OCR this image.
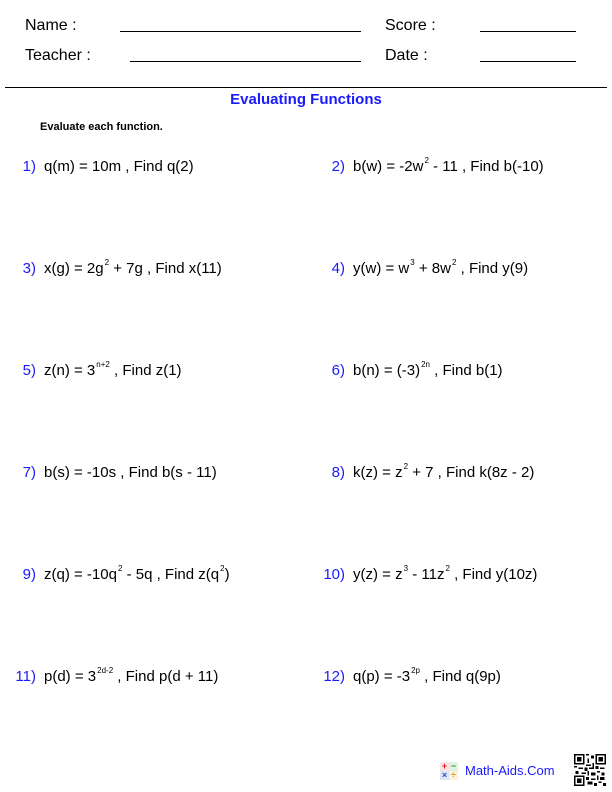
Name :	Score :
Teacher :	Date :
Evaluating Functions
Evaluate each function.
1) q(m) = 10m , Find q(2)	2) $b(w) = -2w^2 - 11$ , Find b(-10)
3) $x(g) = 2g^2 + 7g$ , Find x(11)	4) $y(w) = w^3 + 8w^2$ , Find y(9)
5) $z(n) = 3^{n+2}$ , Find z(1)	6) $b(n) = (-3)^{2n}$ , Find b(1)
7) b(s) = -10s , Find b(s - 11)	8) $k(z) = z^2 + 7$ , Find k(8z - 2)
9) $z(q) = -10q^2 - 5q$ , Find $z(q^2)$	10) $y(z) = z^3 - 11z^2$ , Find y(10z)
11) $p(d) = 3^{2d-2}$ , Find p(d + 11)	12) $q(p) = -3^{2p}$ , Find q(9p)
+ −
× ÷ Math-Aids.Com
